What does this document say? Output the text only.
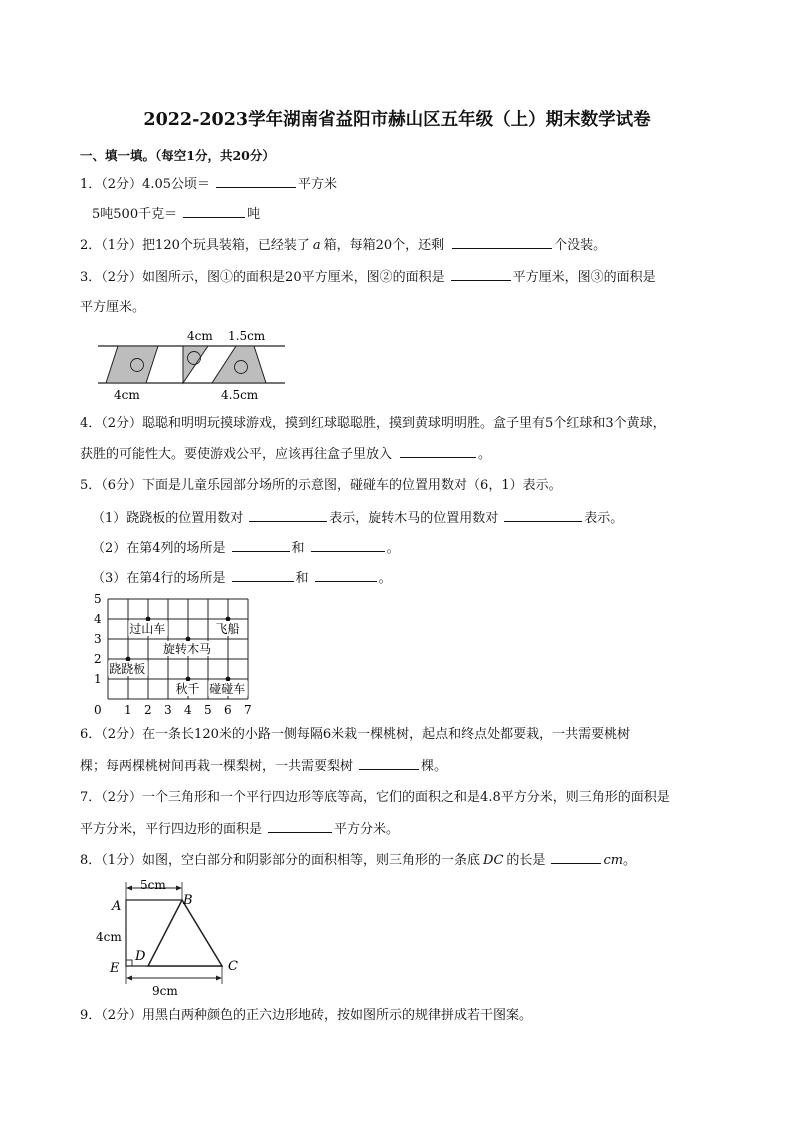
2022-2023学年湖南省益阳市赫山区五年级（上）期末数学试卷
一、填一填。（每空1分，共20分）
1．（2分）4.05公顷＝	平方米
5吨500千克＝	吨
2．（1分）把120个玩具装箱，已经装了 a 箱，每箱20个，还剩	个没装。
3．（2分）如图所示，图①的面积是20平方厘米，图②的面积是	平方厘米，图③的面积是
平方厘米。
4cm 1.5cm
4cm	4.5cm
4．（2分）聪聪和明明玩摸球游戏，摸到红球聪聪胜，摸到黄球明明胜。盒子里有5个红球和3个黄球，
获胜的可能性大。要使游戏公平，应该再往盒子里放入	。
5．（6分）下面是儿童乐园部分场所的示意图，碰碰车的位置用数对（6，1）表示。
（1）跷跷板的位置用数对	表示，旋转木马的位置用数对	表示。
（2）在第4列的场所是	和	。
（3）在第4行的场所是	和	。
0 1 2 3 4 5 6 7
1
2
3
4
5
过山车	飞船
旋转木马
跷跷板
秋千 碰碰车
6．（2分）在一条长120米的小路一侧每隔6米栽一棵桃树，起点和终点处都要栽，一共需要桃树
棵；每两棵桃树间再栽一棵梨树，一共需要梨树	棵。
7．（2分）一个三角形和一个平行四边形等底等高，它们的面积之和是4.8平方分米，则三角形的面积是
平方分米，平行四边形的面积是	平方分米。
8．（1分）如图，空白部分和阴影部分的面积相等，则三角形的一条底 DC 的长是	cm。
5cm
4cm
9cm
A	B
C
D
E
9．（2分）用黑白两种颜色的正六边形地砖，按如图所示的规律拼成若干图案。
